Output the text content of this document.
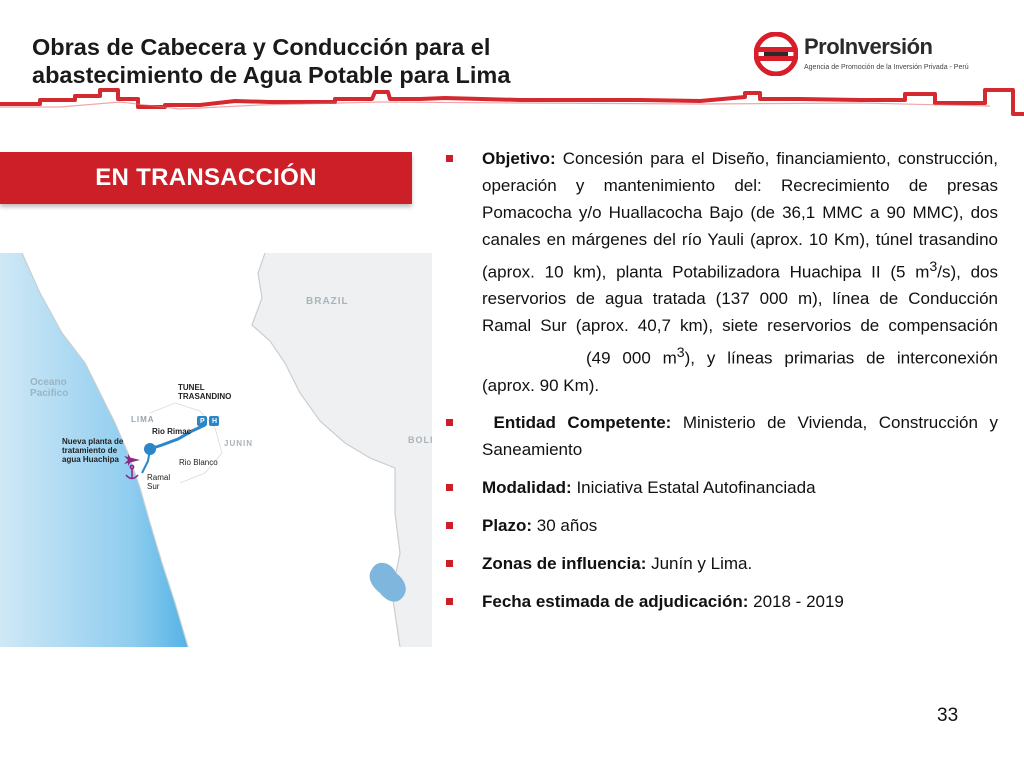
Obras de Cabecera y Conducción para el
abastecimiento de Agua Potable para Lima
ProInversión
Agencia de Promoción de la Inversión Privada - Perú
EN TRANSACCIÓN
BRAZIL
Oceano Pacifico
TUNEL TRASANDINO
LIMA
Rio Rimac
JUNIN	BOLI
Nueva planta de tratamiento de agua Huachipa	Rio Blanco
Ramal Sur
P H

Objetivo: Concesión para el Diseño, financiamiento, construcción, operación y mantenimiento del: Recrecimiento de presas Pomacocha y/o Huallacocha Bajo (de 36,1 MMC a 90 MMC), dos canales en márgenes del río Yauli (aprox. 10 Km), túnel trasandino (aprox. 10 km), planta Potabilizadora Huachipa II (5 $m^3/s$), dos reservorios de agua tratada (137 000 m), línea de Conducción Ramal Sur (aprox. 40,7 km), siete reservorios de compensación(49 000 $m^3$), y líneas primarias de interconexión (aprox. 90 Km).

Entidad Competente: Ministerio de Vivienda, Construcción y Saneamiento

Modalidad: Iniciativa Estatal Autofinanciada

Plazo: 30 años

Zonas de influencia: Junín y Lima.

Fecha estimada de adjudicación: 2018 - 2019

33
